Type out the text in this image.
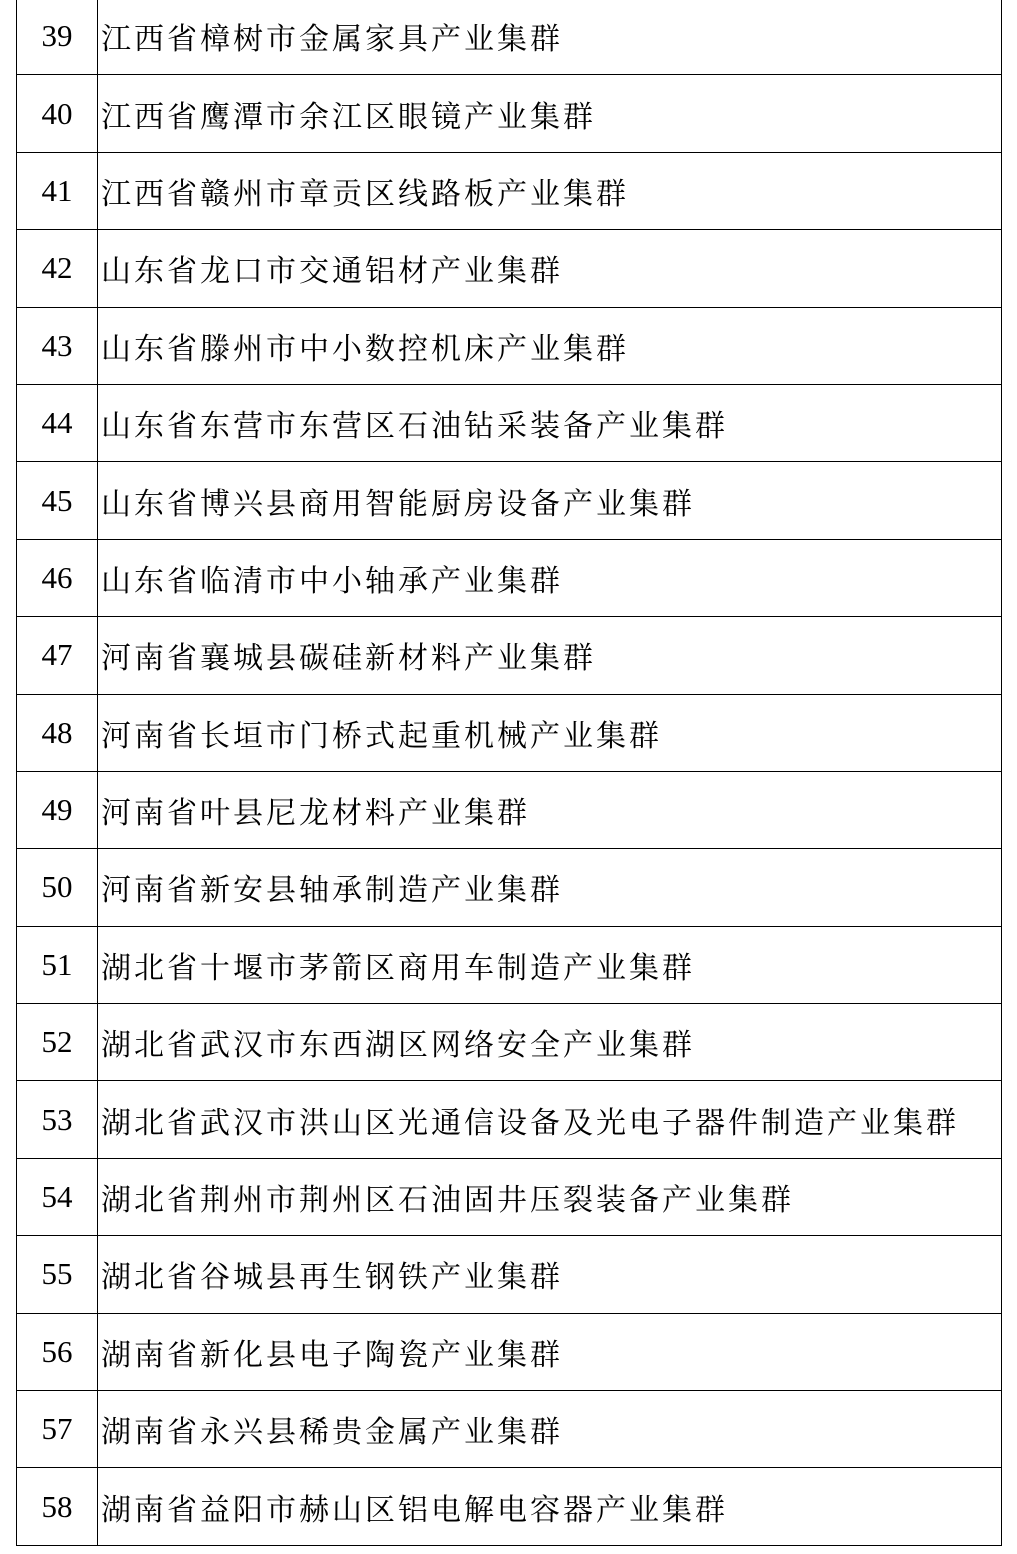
39	江西省樟树市金属家具产业集群
40	江西省鹰潭市余江区眼镜产业集群
41	江西省赣州市章贡区线路板产业集群
42	山东省龙口市交通铝材产业集群
43	山东省滕州市中小数控机床产业集群
44	山东省东营市东营区石油钻采装备产业集群
45	山东省博兴县商用智能厨房设备产业集群
46	山东省临清市中小轴承产业集群
47	河南省襄城县碳硅新材料产业集群
48	河南省长垣市门桥式起重机械产业集群
49	河南省叶县尼龙材料产业集群
50	河南省新安县轴承制造产业集群
51	湖北省十堰市茅箭区商用车制造产业集群
52	湖北省武汉市东西湖区网络安全产业集群
53	湖北省武汉市洪山区光通信设备及光电子器件制造产业集群
54	湖北省荆州市荆州区石油固井压裂装备产业集群
55	湖北省谷城县再生钢铁产业集群
56	湖南省新化县电子陶瓷产业集群
57	湖南省永兴县稀贵金属产业集群
58	湖南省益阳市赫山区铝电解电容器产业集群
